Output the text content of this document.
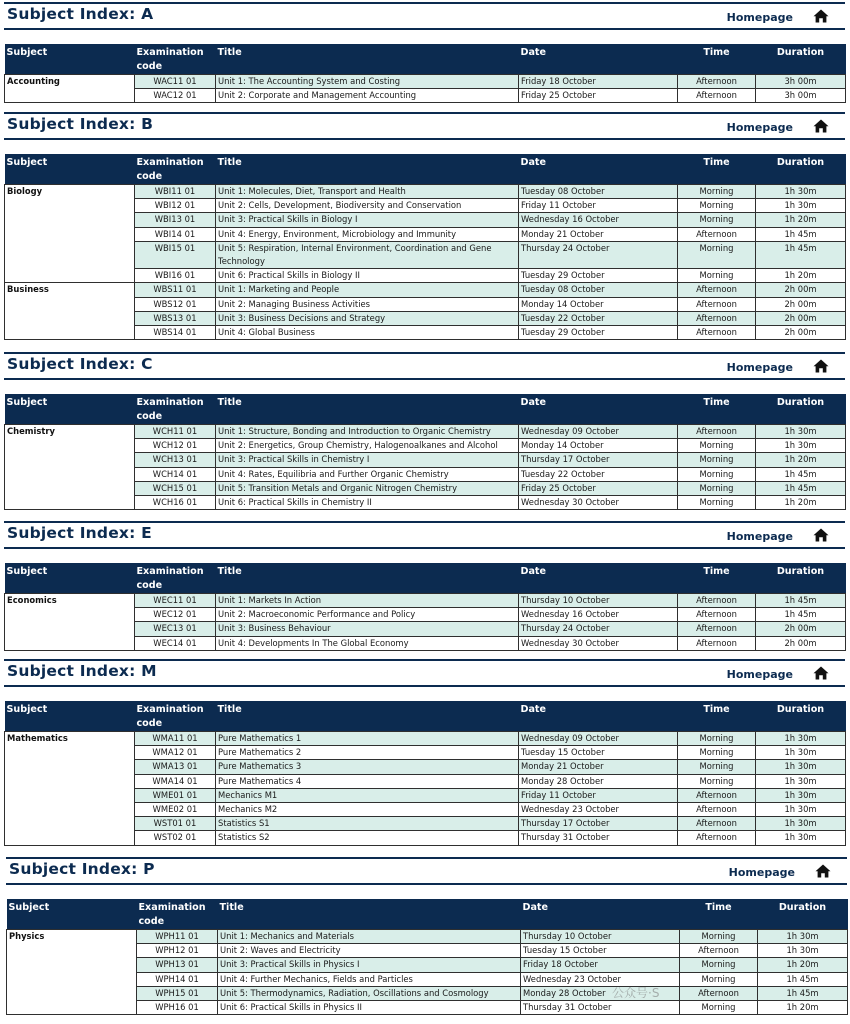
Subject Index: A	Homepage
Subject	Examination code	Title	Date	Time	Duration
Accounting	WAC11 01	Unit 1: The Accounting System and Costing	Friday 18 October	Afternoon	3h 00m
	WAC12 01	Unit 2: Corporate and Management Accounting	Friday 25 October	Afternoon	3h 00m
Subject Index: B	Homepage
Subject	Examination code	Title	Date	Time	Duration
Biology	WBI11 01	Unit 1: Molecules, Diet, Transport and Health	Tuesday 08 October	Morning	1h 30m
	WBI12 01	Unit 2: Cells, Development, Biodiversity and Conservation	Friday 11 October	Morning	1h 30m
	WBI13 01	Unit 3: Practical Skills in Biology I	Wednesday 16 October	Morning	1h 20m
	WBI14 01	Unit 4: Energy, Environment, Microbiology and Immunity	Monday 21 October	Afternoon	1h 45m
	WBI15 01	Unit 5: Respiration, Internal Environment, Coordination and Gene Technology	Thursday 24 October	Morning	1h 45m
	WBI16 01	Unit 6: Practical Skills in Biology II	Tuesday 29 October	Morning	1h 20m
Business	WBS11 01	Unit 1: Marketing and People	Tuesday 08 October	Afternoon	2h 00m
	WBS12 01	Unit 2: Managing Business Activities	Monday 14 October	Afternoon	2h 00m
	WBS13 01	Unit 3: Business Decisions and Strategy	Tuesday 22 October	Afternoon	2h 00m
	WBS14 01	Unit 4: Global Business	Tuesday 29 October	Afternoon	2h 00m
Subject Index: C	Homepage
Subject	Examination code	Title	Date	Time	Duration
Chemistry	WCH11 01	Unit 1: Structure, Bonding and Introduction to Organic Chemistry	Wednesday 09 October	Afternoon	1h 30m
	WCH12 01	Unit 2: Energetics, Group Chemistry, Halogenoalkanes and Alcohol	Monday 14 October	Morning	1h 30m
	WCH13 01	Unit 3: Practical Skills in Chemistry I	Thursday 17 October	Morning	1h 20m
	WCH14 01	Unit 4: Rates, Equilibria and Further Organic Chemistry	Tuesday 22 October	Morning	1h 45m
	WCH15 01	Unit 5: Transition Metals and Organic Nitrogen Chemistry	Friday 25 October	Morning	1h 45m
	WCH16 01	Unit 6: Practical Skills in Chemistry II	Wednesday 30 October	Morning	1h 20m
Subject Index: E	Homepage
Subject	Examination code	Title	Date	Time	Duration
Economics	WEC11 01	Unit 1: Markets In Action	Thursday 10 October	Afternoon	1h 45m
	WEC12 01	Unit 2: Macroeconomic Performance and Policy	Wednesday 16 October	Afternoon	1h 45m
	WEC13 01	Unit 3: Business Behaviour	Thursday 24 October	Afternoon	2h 00m
	WEC14 01	Unit 4: Developments In The Global Economy	Wednesday 30 October	Afternoon	2h 00m
Subject Index: M	Homepage
Subject	Examination code	Title	Date	Time	Duration
Mathematics	WMA11 01	Pure Mathematics 1	Wednesday 09 October	Morning	1h 30m
	WMA12 01	Pure Mathematics 2	Tuesday 15 October	Morning	1h 30m
	WMA13 01	Pure Mathematics 3	Monday 21 October	Morning	1h 30m
	WMA14 01	Pure Mathematics 4	Monday 28 October	Morning	1h 30m
	WME01 01	Mechanics M1	Friday 11 October	Afternoon	1h 30m
	WME02 01	Mechanics M2	Wednesday 23 October	Afternoon	1h 30m
	WST01 01	Statistics S1	Thursday 17 October	Afternoon	1h 30m
	WST02 01	Statistics S2	Thursday 31 October	Afternoon	1h 30m
Subject Index: P	Homepage
Subject	Examination code	Title	Date	Time	Duration
Physics	WPH11 01	Unit 1: Mechanics and Materials	Thursday 10 October	Morning	1h 30m
	WPH12 01	Unit 2: Waves and Electricity	Tuesday 15 October	Afternoon	1h 30m
	WPH13 01	Unit 3: Practical Skills in Physics I	Friday 18 October	Morning	1h 20m
	WPH14 01	Unit 4: Further Mechanics, Fields and Particles	Wednesday 23 October	Morning	1h 45m
	WPH15 01	Unit 5: Thermodynamics, Radiation, Oscillations and Cosmology	Monday 28 October	Afternoon	1h 45m
	WPH16 01	Unit 6: Practical Skills in Physics II	Thursday 31 October	Morning	1h 20m
公众号·S
